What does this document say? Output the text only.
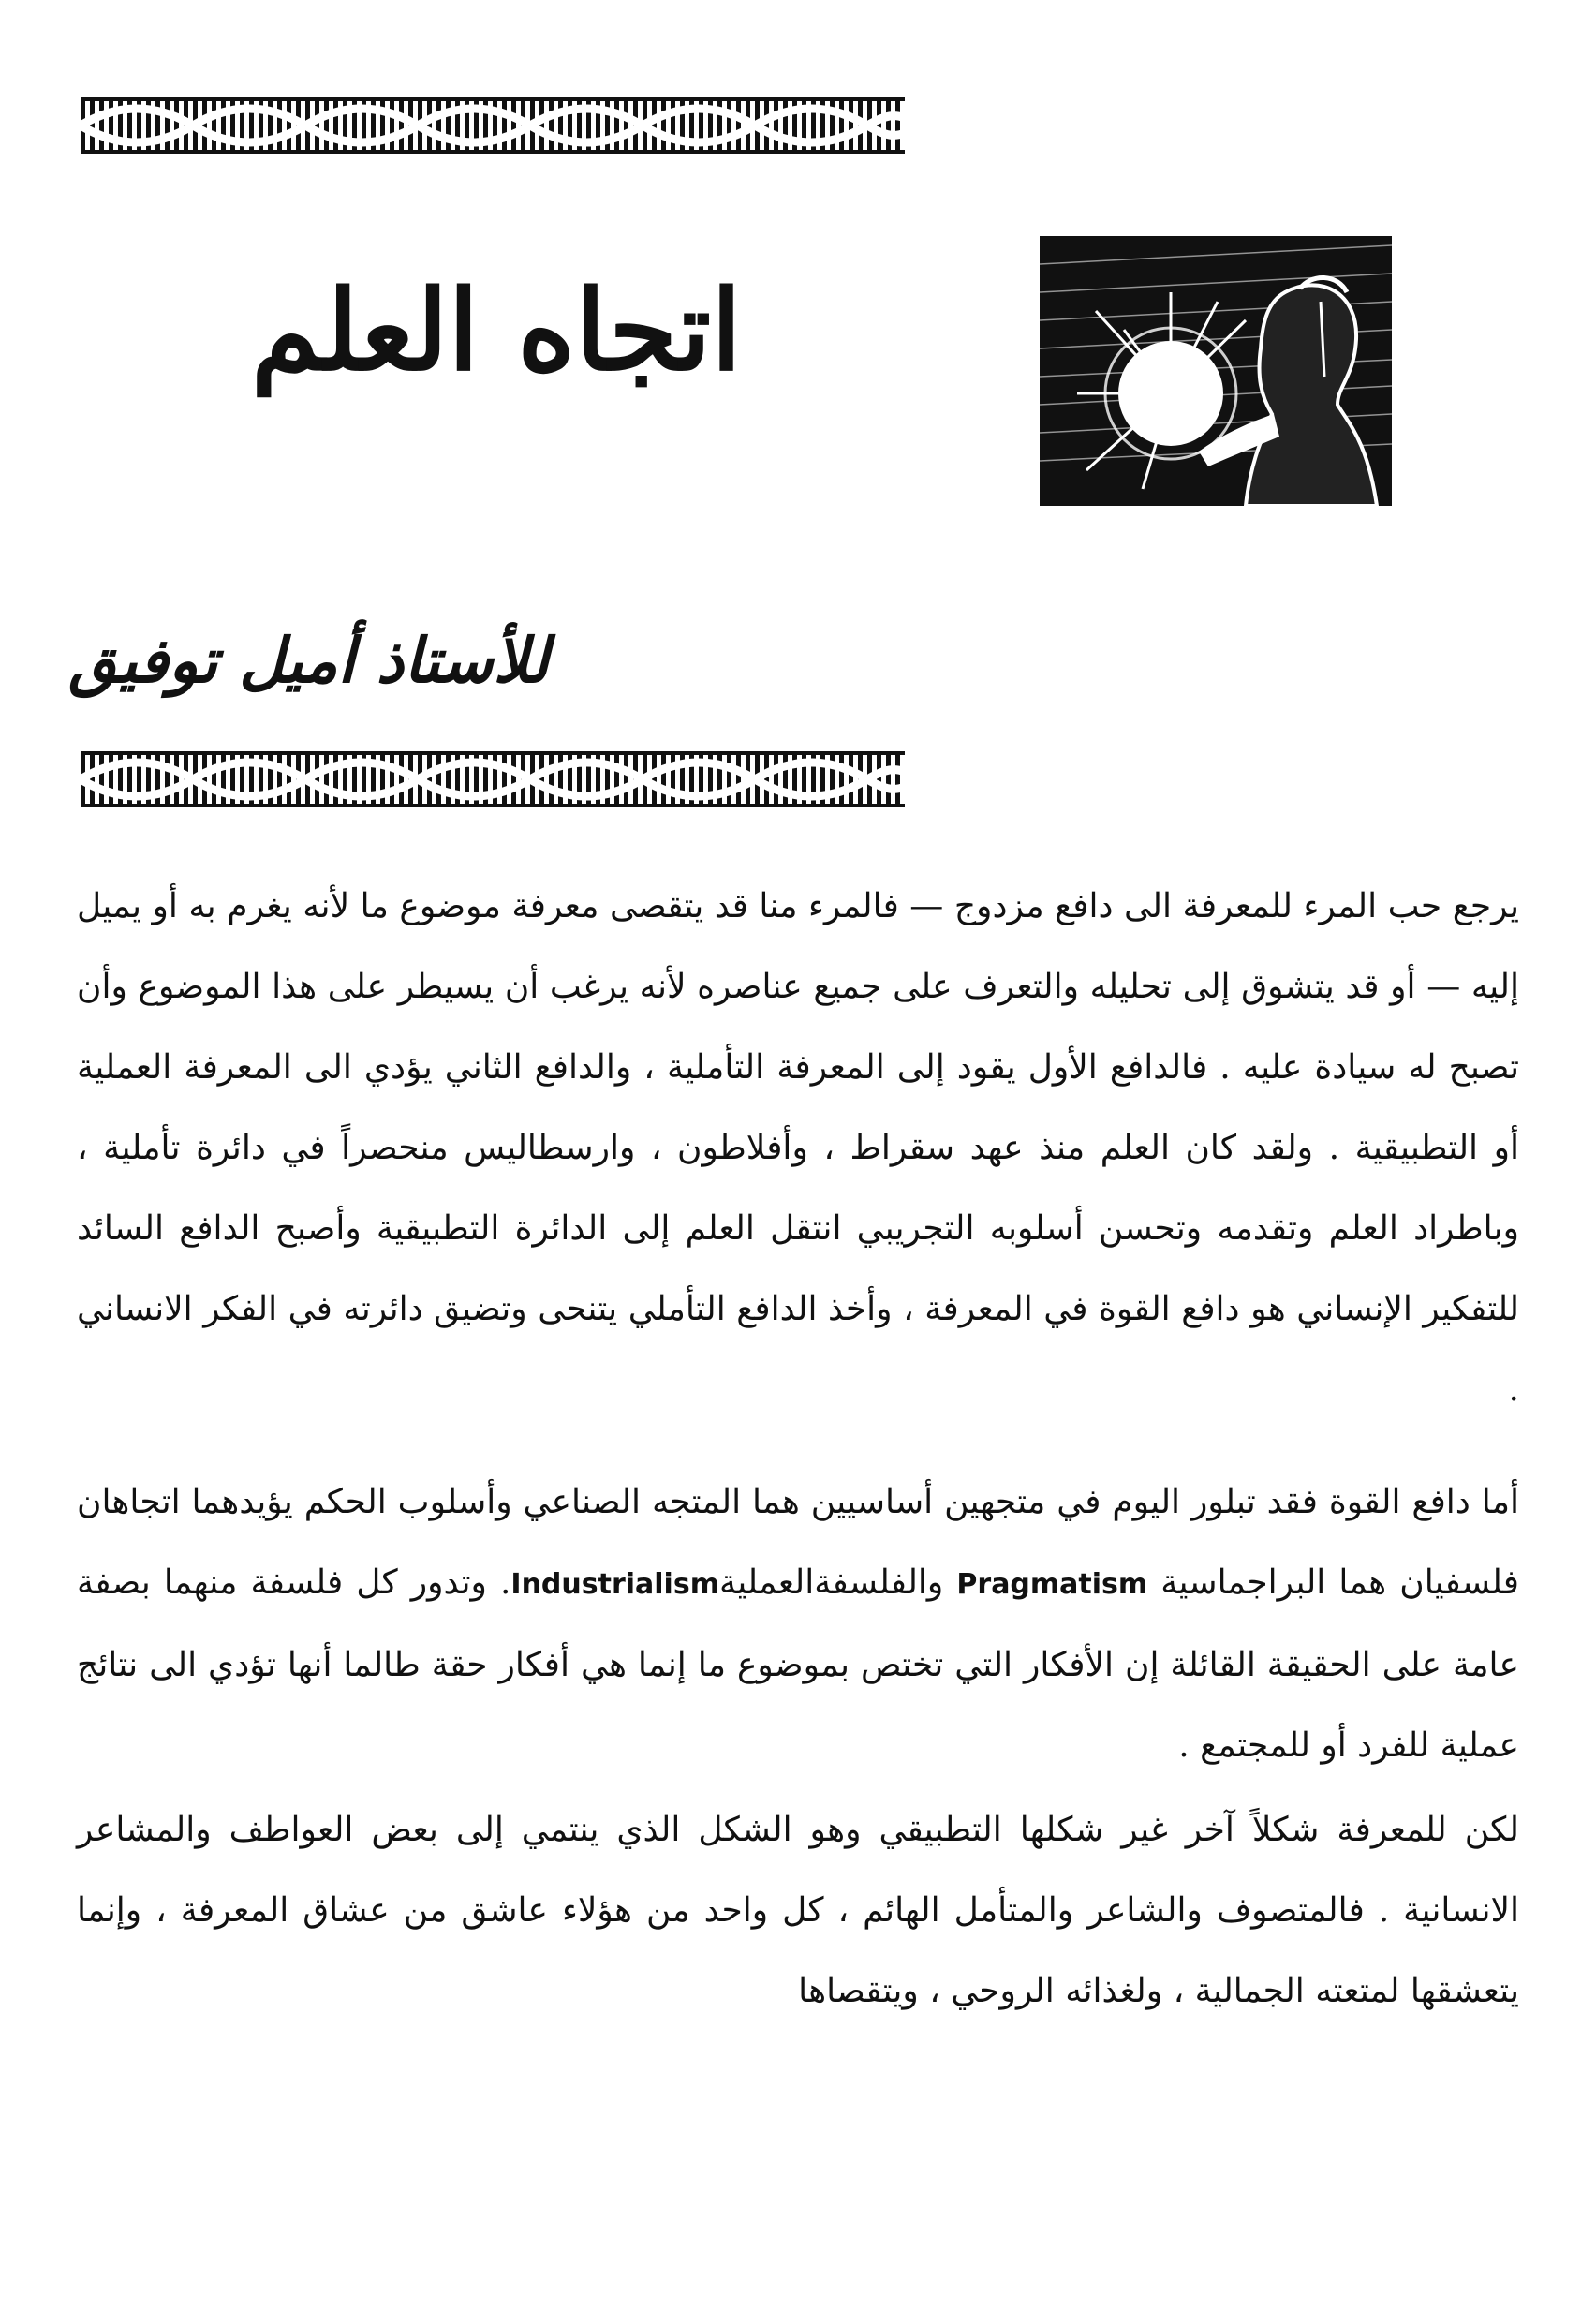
اتجاه العلم
للأستاذ أميل توفيق

يرجع حب المرء للمعرفة الى دافع مزدوج — فالمرء منا قد يتقصى معرفة موضوع ما لأنه يغرم به أو يميل إليه — أو قد يتشوق إلى تحليله والتعرف على جميع عناصره لأنه يرغب أن يسيطر على هذا الموضوع وأن تصبح له سيادة عليه . فالدافع الأول يقود إلى المعرفة التأملية ، والدافع الثاني يؤدي الى المعرفة العملية أو التطبيقية . ولقد كان العلم منذ عهد سقراط ، وأفلاطون ، وارسطاليس منحصراً في دائرة تأملية ، وباطراد العلم وتقدمه وتحسن أسلوبه التجريبي انتقل العلم إلى الدائرة التطبيقية وأصبح الدافع السائد للتفكير الإنساني هو دافع القوة في المعرفة ، وأخذ الدافع التأملي يتنحى وتضيق دائرته في الفكر الانساني .

أما دافع القوة فقد تبلور اليوم في متجهين أساسيين هما المتجه الصناعي وأسلوب الحكم يؤيدهما اتجاهان فلسفيان هما البراجماسية Pragmatism والفلسفةالعمليةIndustrialism. وتدور كل فلسفة منهما بصفة عامة على الحقيقة القائلة إن الأفكار التي تختص بموضوع ما إنما هي أفكار حقة طالما أنها تؤدي الى نتائج عملية للفرد أو للمجتمع .

لكن للمعرفة شكلاً آخر غير شكلها التطبيقي وهو الشكل الذي ينتمي إلى بعض العواطف والمشاعر الانسانية . فالمتصوف والشاعر والمتأمل الهائم ، كل واحد من هؤلاء عاشق من عشاق المعرفة ، وإنما يتعشقها لمتعته الجمالية ، ولغذائه الروحي ، ويتقصاها
